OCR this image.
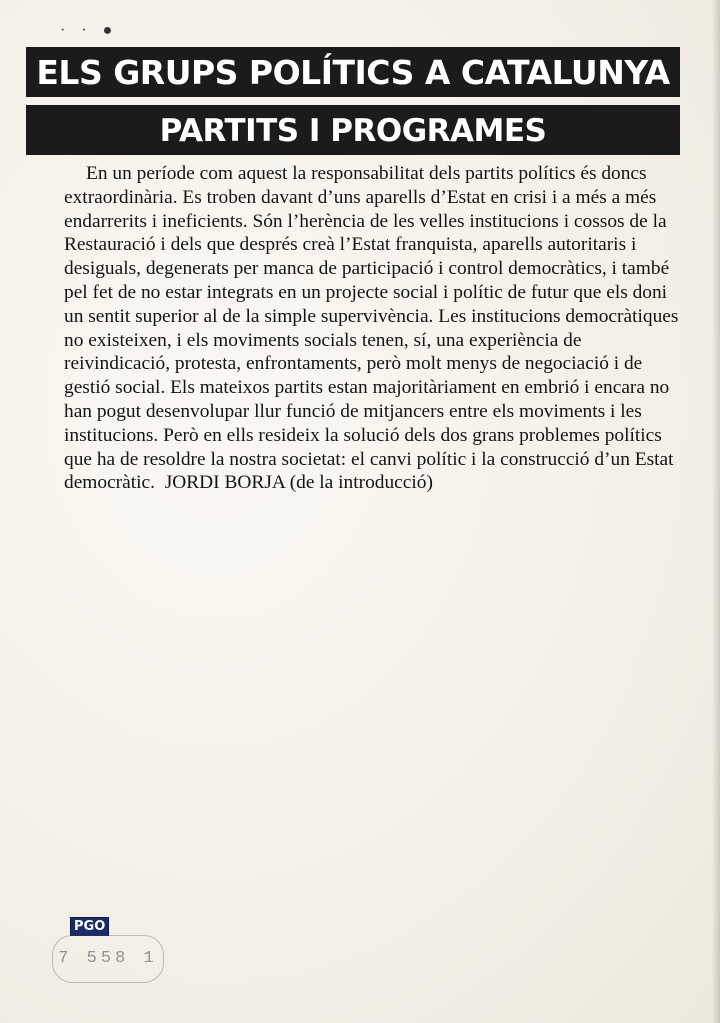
· · ●
ELS GRUPS POLÍTICS A CATALUNYA
PARTITS I PROGRAMES

En un període com aquest la responsabilitat dels partits polítics és doncs extraordinària. Es troben davant d’uns aparells d’Estat en crisi i a més a més endarrerits i ineficients. Són l’herència de les velles institucions i cossos de la Restauració i dels que després creà l’Estat franquista, aparells autoritaris i desiguals, degenerats per manca de participació i control democràtics, i també pel fet de no estar integrats en un projecte social i polític de futur que els doni un sentit superior al de la simple supervivència. Les institucions democràtiques no existeixen, i els moviments socials tenen, sí, una experiència de reivindicació, protesta, enfrontaments, però molt menys de negociació i de gestió social. Els mateixos partits estan majoritàriament en embrió i encara no han pogut desenvolupar llur funció de mitjancers entre els moviments i les institucions. Però en ells resideix la solució dels dos grans problemes polítics que ha de resoldre la nostra societat: el canvi polític i la construcció d’un Estat democràtic. JORDI BORJA (de la introducció)

PGO
7 558 1
